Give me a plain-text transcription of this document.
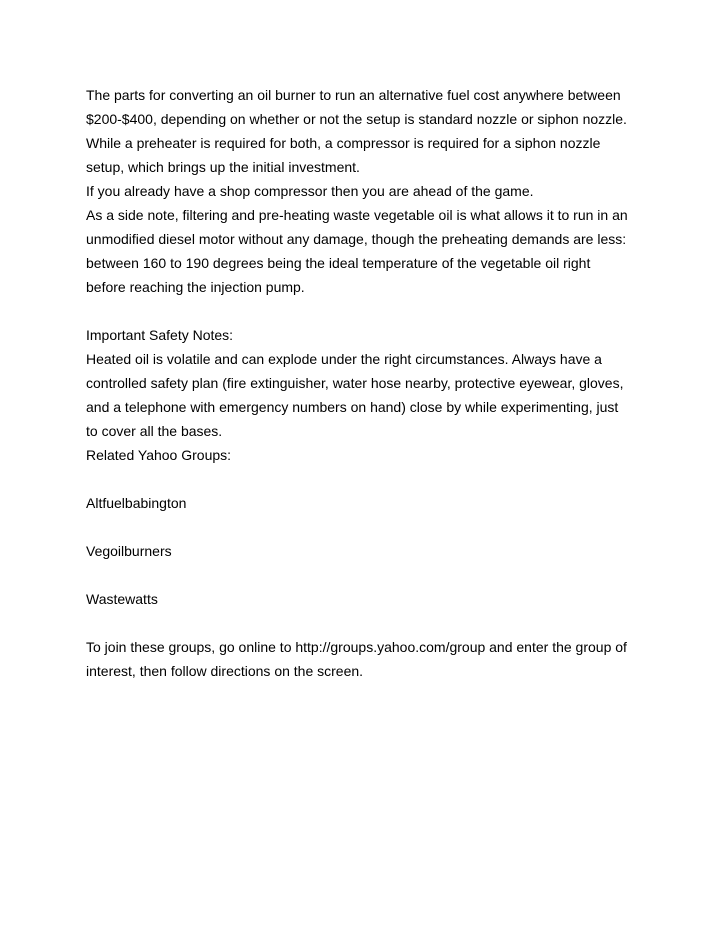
The parts for converting an oil burner to run an alternative fuel cost anywhere between

$200-$400, depending on whether or not the setup is standard nozzle or siphon nozzle.

While a preheater is required for both, a compressor is required for a siphon nozzle

setup, which brings up the initial investment.

If you already have a shop compressor then you are ahead of the game.

As a side note, filtering and pre-heating waste vegetable oil is what allows it to run in an

unmodified diesel motor without any damage, though the preheating demands are less:

between 160 to 190 degrees being the ideal temperature of the vegetable oil right

before reaching the injection pump.

Important Safety Notes:

Heated oil is volatile and can explode under the right circumstances. Always have a

controlled safety plan (fire extinguisher, water hose nearby, protective eyewear, gloves,

and a telephone with emergency numbers on hand) close by while experimenting, just

to cover all the bases.

Related Yahoo Groups:

Altfuelbabington

Vegoilburners

Wastewatts

To join these groups, go online to http://groups.yahoo.com/group and enter the group of

interest, then follow directions on the screen.
